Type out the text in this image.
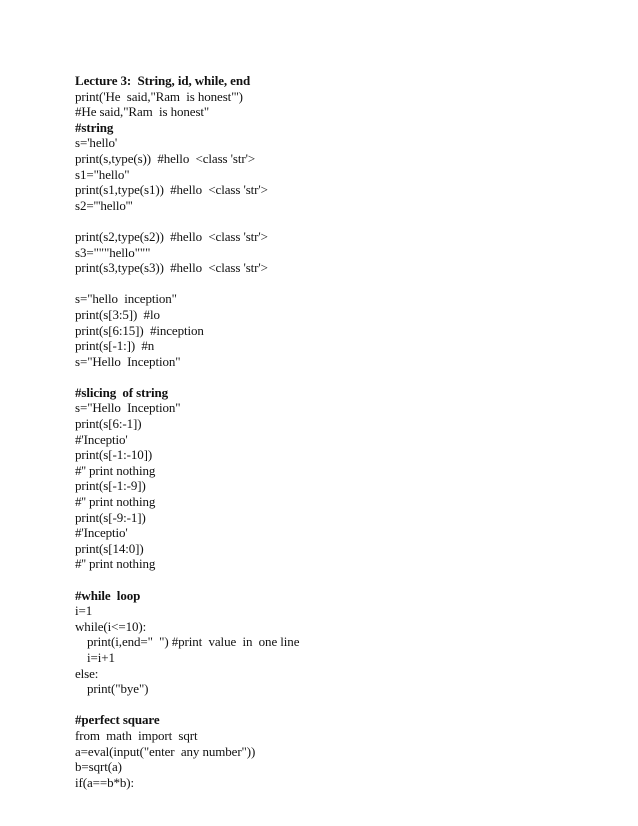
Lecture 3:  String, id, while, end
print('He  said,"Ram  is honest"')
#He said,"Ram  is honest"
#string
s='hello'
print(s,type(s))  #hello  <class 'str'>
s1="hello"
print(s1,type(s1))  #hello  <class 'str'>
s2='''hello'''
print(s2,type(s2))  #hello  <class 'str'>
s3="""hello"""
print(s3,type(s3))  #hello  <class 'str'>
s="hello  inception"
print(s[3:5])  #lo
print(s[6:15])  #inception
print(s[-1:])  #n
s="Hello  Inception"
#slicing  of string
s="Hello  Inception"
print(s[6:-1])
#'Inceptio'
print(s[-1:-10])
#'' print nothing
print(s[-1:-9])
#'' print nothing
print(s[-9:-1])
#'Inceptio'
print(s[14:0])
#'' print nothing
#while  loop
i=1
while(i<=10):
print(i,end="  ") #print  value  in  one line
i=i+1
else:
print("bye")
#perfect square
from  math  import  sqrt
a=eval(input("enter  any number"))
b=sqrt(a)
if(a==b*b):
